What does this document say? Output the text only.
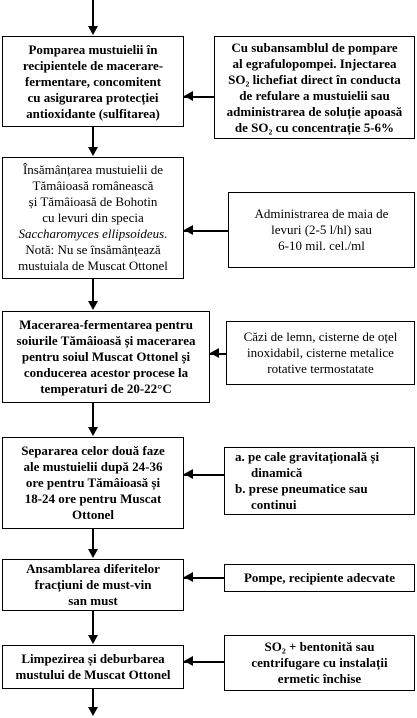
Pomparea mustuielii în
recipientele de macerare-
fermentare, concomitent
cu asigurarea protecției
antioxidante (sulfitarea)
Cu subansamblul de pompare
al egrafulopompei. Injectarea
SO₂ lichefiat direct în conducta
de refulare a mustuielii sau
administrarea de soluție apoasă
de SO₂ cu concentrație 5-6%
Însămânțarea mustuielii de
Tămâioasă românească
și Tămâioasă de Bohotin
cu levuri din specia
Saccharomyces ellipsoideus.
Notă: Nu se însămânțează
mustuiala de Muscat Ottonel
Administrarea de maia de
levuri (2-5 l/hl) sau
6-10 mil. cel./ml
Macerarea-fermentarea pentru
soiurile Tămâioasă și macerarea
pentru soiul Muscat Ottonel și
conducerea acestor procese la
temperaturi de 20-22°C
Căzi de lemn, cisterne de oțel
inoxidabil, cisterne metalice
rotative termostatate
Separarea celor două faze
ale mustuielii după 24-36
ore pentru Tămâioasă și
18-24 ore pentru Muscat
Ottonel
a. pe cale gravitațională și
dinamică
b. prese pneumatice sau
continui
Ansamblarea diferitelor
fracțiuni de must-vin
san must
Pompe, recipiente adecvate
Limpezirea și deburbarea
mustului de Muscat Ottonel
SO₂ + bentonită sau
centrifugare cu instalații
ermetic închise
